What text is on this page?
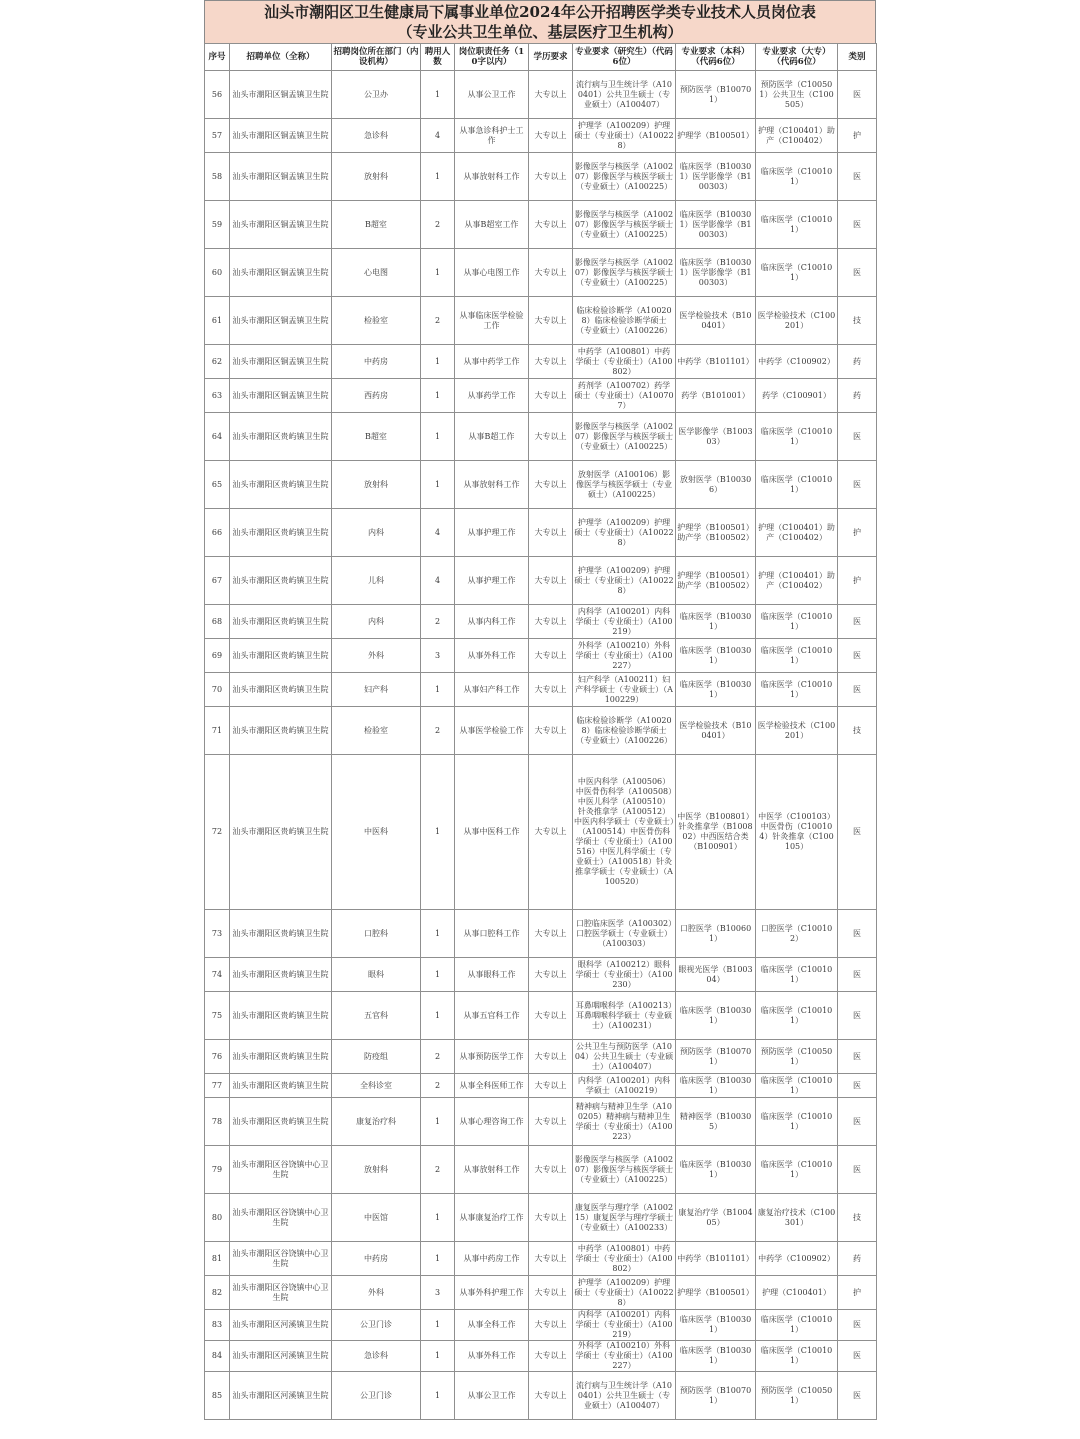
汕头市潮阳区卫生健康局下属事业单位2024年公开招聘医学类专业技术人员岗位表
（专业公共卫生单位、基层医疗卫生机构）
序号	招聘单位（全称）	招聘岗位所在部门（内设机构）	聘用人数	岗位职责任务（10字以内）	学历要求	专业要求（研究生）（代码6位）	专业要求（本科）（代码6位）	专业要求（大专）（代码6位）	类别
56	汕头市潮阳区铜盂镇卫生院	公卫办	1	从事公卫工作	大专以上	流行病与卫生统计学（A100401）公共卫生硕士（专业硕士）（A100407）	预防医学（B100701）	预防医学（C100501）公共卫生（C100505）	医
57	汕头市潮阳区铜盂镇卫生院	急诊科	4	从事急诊科护士工作	大专以上	护理学（A100209）护理硕士（专业硕士）（A100228）	护理学（B100501）	护理（C100401）助产（C100402）	护
58	汕头市潮阳区铜盂镇卫生院	放射科	1	从事放射科工作	大专以上	影像医学与核医学（A100207）影像医学与核医学硕士（专业硕士）（A100225）	临床医学（B100301）医学影像学（B100303）	临床医学（C100101）	医
59	汕头市潮阳区铜盂镇卫生院	B超室	2	从事B超室工作	大专以上	影像医学与核医学（A100207）影像医学与核医学硕士（专业硕士）（A100225）	临床医学（B100301）医学影像学（B100303）	临床医学（C100101）	医
60	汕头市潮阳区铜盂镇卫生院	心电图	1	从事心电图工作	大专以上	影像医学与核医学（A100207）影像医学与核医学硕士（专业硕士）（A100225）	临床医学（B100301）医学影像学（B100303）	临床医学（C100101）	医
61	汕头市潮阳区铜盂镇卫生院	检验室	2	从事临床医学检验工作	大专以上	临床检验诊断学（A100208）临床检验诊断学硕士（专业硕士）（A100226）	医学检验技术（B100401）	医学检验技术（C100201）	技
62	汕头市潮阳区铜盂镇卫生院	中药房	1	从事中药学工作	大专以上	中药学（A100801）中药学硕士（专业硕士）（A100802）	中药学（B101101）	中药学（C100902）	药
63	汕头市潮阳区铜盂镇卫生院	西药房	1	从事药学工作	大专以上	药剂学（A100702）药学硕士（专业硕士）（A100707）	药学（B101001）	药学（C100901）	药
64	汕头市潮阳区贵屿镇卫生院	B超室	1	从事B超工作	大专以上	影像医学与核医学（A100207）影像医学与核医学硕士（专业硕士）（A100225）	医学影像学（B100303）	临床医学（C100101）	医
65	汕头市潮阳区贵屿镇卫生院	放射科	1	从事放射科工作	大专以上	放射医学（A100106）影像医学与核医学硕士（专业硕士）（A100225）	放射医学（B100306）	临床医学（C100101）	医
66	汕头市潮阳区贵屿镇卫生院	内科	4	从事护理工作	大专以上	护理学（A100209）护理硕士（专业硕士）（A100228）	护理学（B100501）助产学（B100502）	护理（C100401）助产（C100402）	护
67	汕头市潮阳区贵屿镇卫生院	儿科	4	从事护理工作	大专以上	护理学（A100209）护理硕士（专业硕士）（A100228）	护理学（B100501）助产学（B100502）	护理（C100401）助产（C100402）	护
68	汕头市潮阳区贵屿镇卫生院	内科	2	从事内科工作	大专以上	内科学（A100201）内科学硕士（专业硕士）（A100219）	临床医学（B100301）	临床医学（C100101）	医
69	汕头市潮阳区贵屿镇卫生院	外科	3	从事外科工作	大专以上	外科学（A100210）外科学硕士（专业硕士）（A100227）	临床医学（B100301）	临床医学（C100101）	医
70	汕头市潮阳区贵屿镇卫生院	妇产科	1	从事妇产科工作	大专以上	妇产科学（A100211）妇产科学硕士（专业硕士）（A100229）	临床医学（B100301）	临床医学（C100101）	医
71	汕头市潮阳区贵屿镇卫生院	检验室	2	从事医学检验工作	大专以上	临床检验诊断学（A100208）临床检验诊断学硕士（专业硕士）（A100226）	医学检验技术（B100401）	医学检验技术（C100201）	技
72	汕头市潮阳区贵屿镇卫生院	中医科	1	从事中医科工作	大专以上	中医内科学（A100506）中医骨伤科学（A100508）中医儿科学（A100510）针灸推拿学（A100512）中医内科学硕士（专业硕士）（A100514）中医骨伤科学硕士（专业硕士）（A100516）中医儿科学硕士（专业硕士）（A100518）针灸推拿学硕士（专业硕士）（A100520）	中医学（B100801）针灸推拿学（B100802）中西医结合类（B100901）	中医学（C100103）中医骨伤（C100104）针灸推拿（C100105）	医
73	汕头市潮阳区贵屿镇卫生院	口腔科	1	从事口腔科工作	大专以上	口腔临床医学（A100302）口腔医学硕士（专业硕士）（A100303）	口腔医学（B100601）	口腔医学（C100102）	医
74	汕头市潮阳区贵屿镇卫生院	眼科	1	从事眼科工作	大专以上	眼科学（A100212）眼科学硕士（专业硕士）（A100230）	眼视光医学（B100304）	临床医学（C100101）	医
75	汕头市潮阳区贵屿镇卫生院	五官科	1	从事五官科工作	大专以上	耳鼻咽喉科学（A100213）耳鼻咽喉科学硕士（专业硕士）（A100231）	临床医学（B100301）	临床医学（C100101）	医
76	汕头市潮阳区贵屿镇卫生院	防疫组	2	从事预防医学工作	大专以上	公共卫生与预防医学（A1004）公共卫生硕士（专业硕士）（A100407）	预防医学（B100701）	预防医学（C100501）	医
77	汕头市潮阳区贵屿镇卫生院	全科诊室	2	从事全科医师工作	大专以上	内科学（A100201）内科学硕士（A100219）	临床医学（B100301）	临床医学（C100101）	医
78	汕头市潮阳区贵屿镇卫生院	康复治疗科	1	从事心理咨询工作	大专以上	精神病与精神卫生学（A100205）精神病与精神卫生学硕士（专业硕士）（A100223）	精神医学（B100305）	临床医学（C100101）	医
79	汕头市潮阳区谷饶镇中心卫生院	放射科	2	从事放射科工作	大专以上	影像医学与核医学（A100207）影像医学与核医学硕士（专业硕士）（A100225）	临床医学（B100301）	临床医学（C100101）	医
80	汕头市潮阳区谷饶镇中心卫生院	中医馆	1	从事康复治疗工作	大专以上	康复医学与理疗学（A100215）康复医学与理疗学硕士（专业硕士）（A100233）	康复治疗学（B100405）	康复治疗技术（C100301）	技
81	汕头市潮阳区谷饶镇中心卫生院	中药房	1	从事中药房工作	大专以上	中药学（A100801）中药学硕士（专业硕士）（A100802）	中药学（B101101）	中药学（C100902）	药
82	汕头市潮阳区谷饶镇中心卫生院	外科	3	从事外科护理工作	大专以上	护理学（A100209）护理硕士（专业硕士）（A100228）	护理学（B100501）	护理（C100401）	护
83	汕头市潮阳区河溪镇卫生院	公卫门诊	1	从事全科工作	大专以上	内科学（A100201）内科学硕士（专业硕士）（A100219）	临床医学（B100301）	临床医学（C100101）	医
84	汕头市潮阳区河溪镇卫生院	急诊科	1	从事外科工作	大专以上	外科学（A100210）外科学硕士（专业硕士）（A100227）	临床医学（B100301）	临床医学（C100101）	医
85	汕头市潮阳区河溪镇卫生院	公卫门诊	1	从事公卫工作	大专以上	流行病与卫生统计学（A100401）公共卫生硕士（专业硕士）（A100407）	预防医学（B100701）	预防医学（C100501）	医
